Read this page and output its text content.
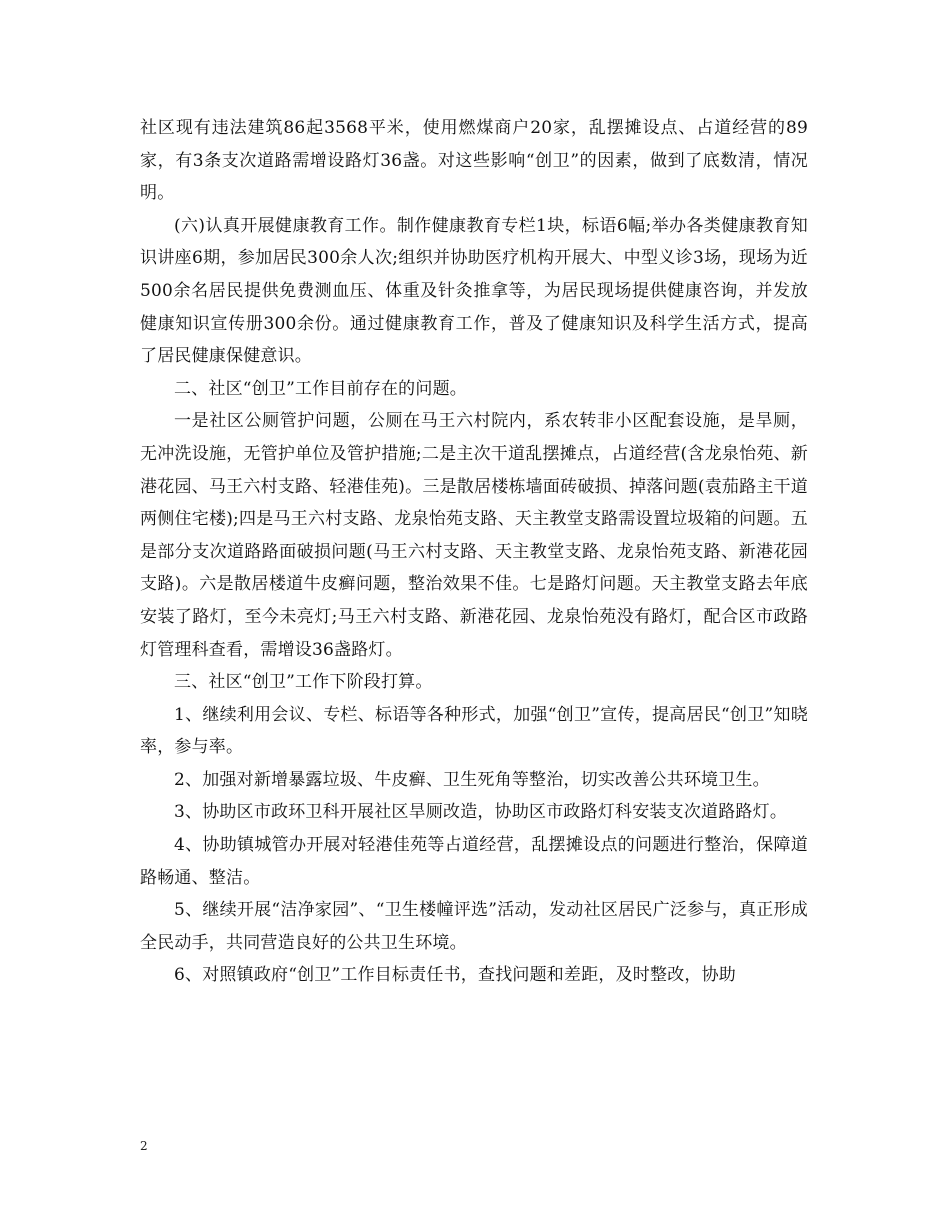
社区现有违法建筑86起3568平米，使用燃煤商户20家，乱摆摊设点、占道经营的89家，有3条支次道路需增设路灯36盏。对这些影响“创卫”的因素，做到了底数清，情况明。

(六)认真开展健康教育工作。制作健康教育专栏1块，标语6幅;举办各类健康教育知识讲座6期，参加居民300余人次;组织并协助医疗机构开展大、中型义诊3场，现场为近500余名居民提供免费测血压、体重及针灸推拿等，为居民现场提供健康咨询，并发放健康知识宣传册300余份。通过健康教育工作，普及了健康知识及科学生活方式，提高了居民健康保健意识。

二、社区“创卫”工作目前存在的问题。

一是社区公厕管护问题，公厕在马王六村院内，系农转非小区配套设施，是旱厕，无冲洗设施，无管护单位及管护措施;二是主次干道乱摆摊点，占道经营(含龙泉怡苑、新港花园、马王六村支路、轻港佳苑)。三是散居楼栋墙面砖破损、掉落问题(袁茄路主干道两侧住宅楼);四是马王六村支路、龙泉怡苑支路、天主教堂支路需设置垃圾箱的问题。五是部分支次道路路面破损问题(马王六村支路、天主教堂支路、龙泉怡苑支路、新港花园支路)。六是散居楼道牛皮癣问题，整治效果不佳。七是路灯问题。天主教堂支路去年底安装了路灯，至今未亮灯;马王六村支路、新港花园、龙泉怡苑没有路灯，配合区市政路灯管理科查看，需增设36盏路灯。

三、社区“创卫”工作下阶段打算。

1、继续利用会议、专栏、标语等各种形式，加强“创卫”宣传，提高居民“创卫”知晓率，参与率。

2、加强对新增暴露垃圾、牛皮癣、卫生死角等整治，切实改善公共环境卫生。

3、协助区市政环卫科开展社区旱厕改造，协助区市政路灯科安装支次道路路灯。

4、协助镇城管办开展对轻港佳苑等占道经营，乱摆摊设点的问题进行整治，保障道路畅通、整洁。

5、继续开展“洁净家园”、“卫生楼幢评选”活动，发动社区居民广泛参与，真正形成全民动手，共同营造良好的公共卫生环境。

6、对照镇政府“创卫”工作目标责任书，查找问题和差距，及时整改，协助

2
